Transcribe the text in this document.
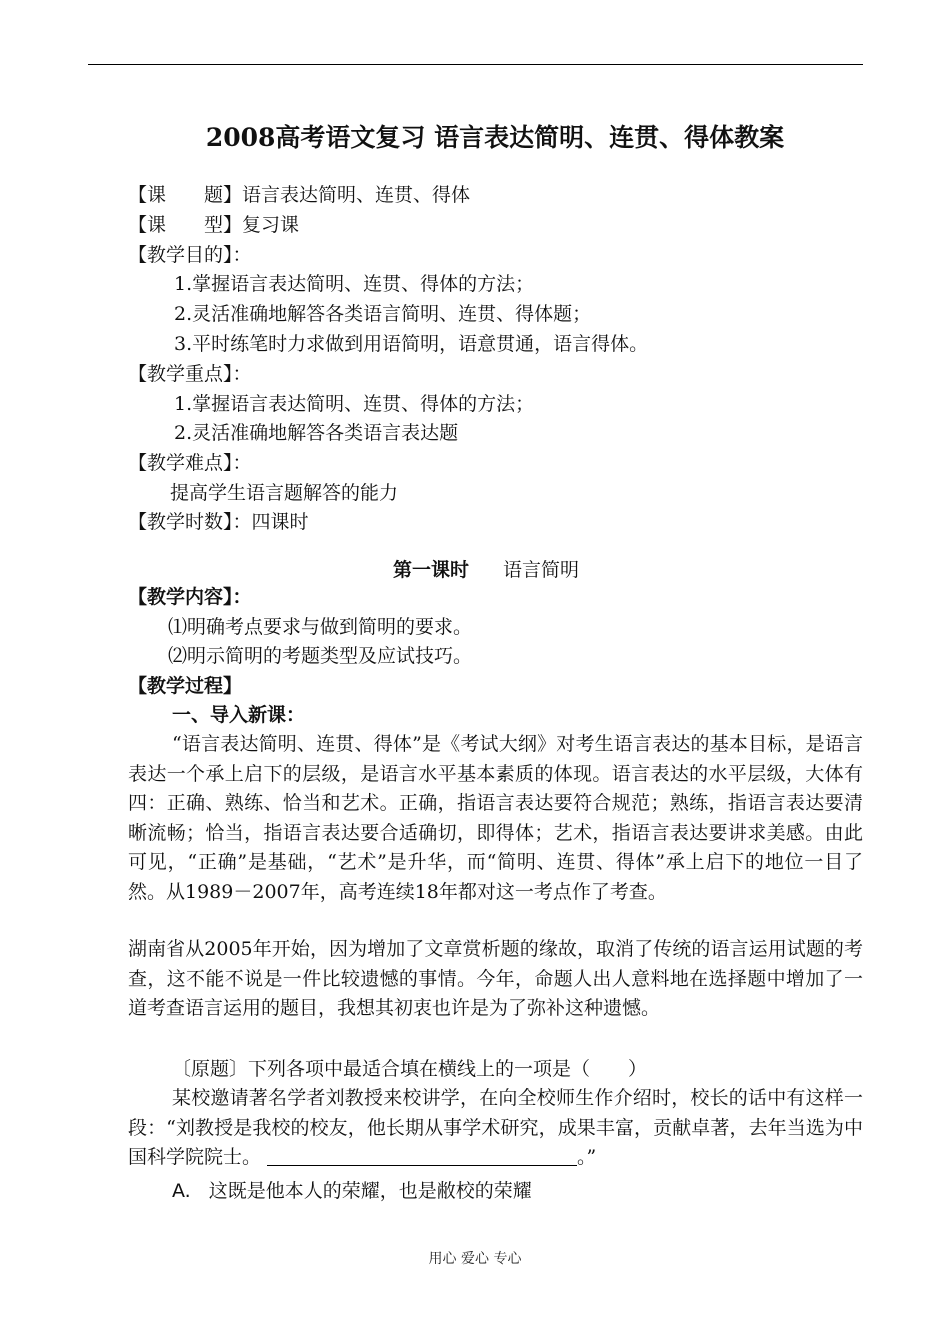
2008高考语文复习 语言表达简明、连贯、得体教案
【课　　题】语言表达简明、连贯、得体
【课　　型】复习课
【教学目的】：
1.掌握语言表达简明、连贯、得体的方法；
2.灵活准确地解答各类语言简明、连贯、得体题；
3.平时练笔时力求做到用语简明，语意贯通，语言得体。
【教学重点】：
1.掌握语言表达简明、连贯、得体的方法；
2.灵活准确地解答各类语言表达题
【教学难点】：
提高学生语言题解答的能力
【教学时数】：四课时
第一课时 语言简明
【教学内容】：
⑴明确考点要求与做到简明的要求。
⑵明示简明的考题类型及应试技巧。
【教学过程】
一、导入新课：
“语言表达简明、连贯、得体”是《考试大纲》对考生语言表达的基本目标，是语言表达一个承上启下的层级，是语言水平基本素质的体现。语言表达的水平层级，大体有四：正确、熟练、恰当和艺术。正确，指语言表达要符合规范；熟练，指语言表达要清晰流畅；恰当，指语言表达要合适确切，即得体；艺术，指语言表达要讲求美感。由此可见，“正确”是基础，“艺术”是升华，而“简明、连贯、得体”承上启下的地位一目了然。从1989－2007年，高考连续18年都对这一考点作了考查。
湖南省从2005年开始，因为增加了文章赏析题的缘故，取消了传统的语言运用试题的考查，这不能不说是一件比较遗憾的事情。今年，命题人出人意料地在选择题中增加了一道考查语言运用的题目，我想其初衷也许是为了弥补这种遗憾。
〔原题〕下列各项中最适合填在横线上的一项是（　　）
某校邀请著名学者刘教授来校讲学，在向全校师生作介绍时，校长的话中有这样一段：“刘教授是我校的校友，他长期从事学术研究，成果丰富，贡献卓著，去年当选为中国科学院院士。	。”
A. 这既是他本人的荣耀，也是敝校的荣耀
用心 爱心 专心
